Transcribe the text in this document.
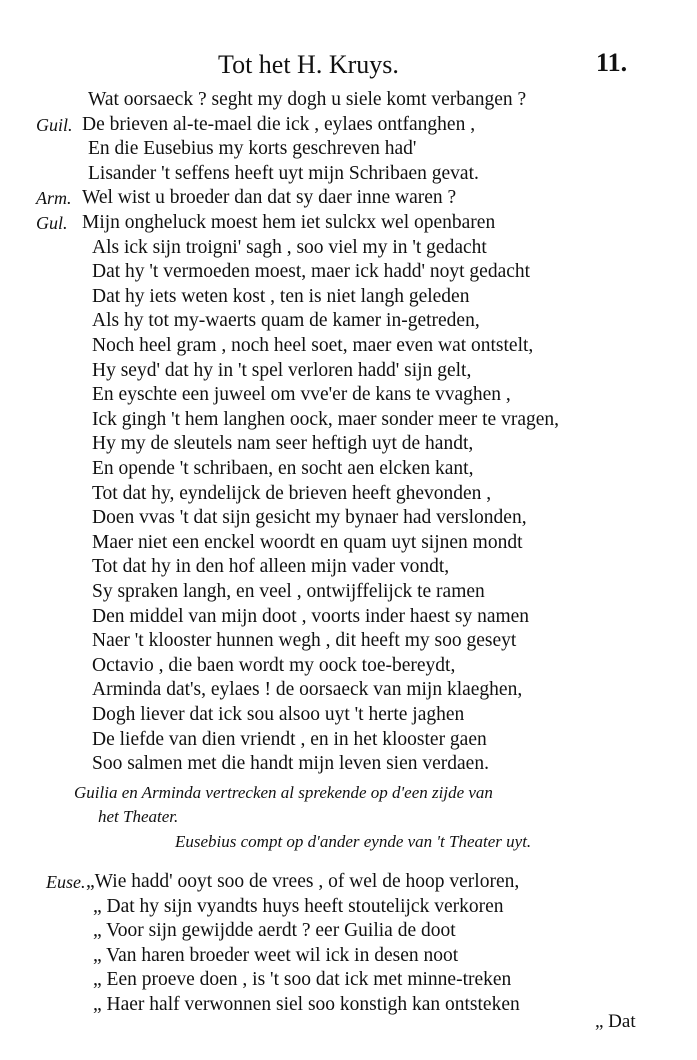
Tot het H. Kruys.	11.
Wat oorsaeck ? seght my dogh u siele komt verbangen ?
Guil. De brieven al-te-mael die ick , eylaes ontfanghen ,
En die Eusebius my korts geschreven had'
Lisander 't seffens heeft uyt mijn Schribaen gevat.
Arm. Wel wist u broeder dan dat sy daer inne waren ?
Gul. Mijn ongheluck moest hem iet sulckx wel openbaren
Als ick sijn troigni' sagh , soo viel my in 't gedacht
Dat hy 't vermoeden moest, maer ick hadd' noyt gedacht
Dat hy iets weten kost , ten is niet langh geleden
Als hy tot my-waerts quam de kamer in-getreden,
Noch heel gram , noch heel soet, maer even wat ontstelt,
Hy seyd' dat hy in 't spel verloren hadd' sijn gelt,
En eyschte een juweel om vve'er de kans te vvaghen ,
Ick gingh 't hem langhen oock, maer sonder meer te vragen,
Hy my de sleutels nam seer heftigh uyt de handt,
En opende 't schribaen, en socht aen elcken kant,
Tot dat hy, eyndelijck de brieven heeft ghevonden ,
Doen vvas 't dat sijn gesicht my bynaer had verslonden,
Maer niet een enckel woordt en quam uyt sijnen mondt
Tot dat hy in den hof alleen mijn vader vondt,
Sy spraken langh, en veel , ontwijffelijck te ramen
Den middel van mijn doot , voorts inder haest sy namen
Naer 't klooster hunnen wegh , dit heeft my soo geseyt
Octavio , die baen wordt my oock toe-bereydt,
Arminda dat's, eylaes ! de oorsaeck van mijn klaeghen,
Dogh liever dat ick sou alsoo uyt 't herte jaghen
De liefde van dien vriendt , en in het klooster gaen
Soo salmen met die handt mijn leven sien verdaen.
Guilia en Arminda vertrecken al sprekende op d'een zijde van
het Theater.
Eusebius compt op d'ander eynde van 't Theater uyt.
Euse. „Wie hadd' ooyt soo de vrees , of wel de hoop verloren,
„ Dat hy sijn vyandts huys heeft stoutelijck verkoren
„ Voor sijn gewijdde aerdt ? eer Guilia de doot
„ Van haren broeder weet wil ick in desen noot
„ Een proeve doen , is 't soo dat ick met minne-treken
„ Haer half verwonnen siel soo konstigh kan ontsteken
„ Dat
